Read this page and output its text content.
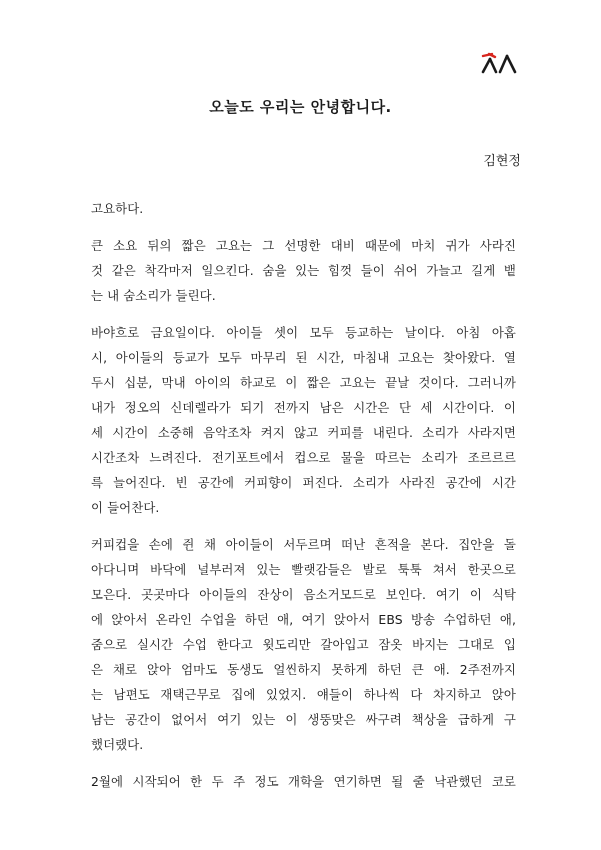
오늘도 우리는 안녕합니다.
김현정
고요하다.
큰 소요 뒤의 짧은 고요는 그 선명한 대비 때문에 마치 귀가 사라진
것 같은 착각마저 일으킨다. 숨을 있는 힘껏 들이 쉬어 가늘고 길게 뱉
는 내 숨소리가 들린다.
바야흐로 금요일이다. 아이들 셋이 모두 등교하는 날이다. 아침 아홉
시, 아이들의 등교가 모두 마무리 된 시간, 마침내 고요는 찾아왔다. 열
두시 십분, 막내 아이의 하교로 이 짧은 고요는 끝날 것이다. 그러니까
내가 정오의 신데렐라가 되기 전까지 남은 시간은 단 세 시간이다. 이
세 시간이 소중해 음악조차 켜지 않고 커피를 내린다. 소리가 사라지면
시간조차 느려진다. 전기포트에서 컵으로 물을 따르는 소리가 조르르르
륵 늘어진다. 빈 공간에 커피향이 퍼진다. 소리가 사라진 공간에 시간
이 들어찬다.
커피컵을 손에 쥔 채 아이들이 서두르며 떠난 흔적을 본다. 집안을 돌
아다니며 바닥에 널부러져 있는 빨랫감들은 발로 툭툭 쳐서 한곳으로
모은다. 곳곳마다 아이들의 잔상이 음소거모드로 보인다. 여기 이 식탁
에 앉아서 온라인 수업을 하던 애, 여기 앉아서 EBS 방송 수업하던 애,
줌으로 실시간 수업 한다고 윗도리만 갈아입고 잠옷 바지는 그대로 입
은 채로 앉아 엄마도 동생도 얼씬하지 못하게 하던 큰 애. 2주전까지
는 남편도 재택근무로 집에 있었지. 얘들이 하나씩 다 차지하고 앉아
남는 공간이 없어서 여기 있는 이 생뚱맞은 싸구려 책상을 급하게 구
했더랬다.
2월에 시작되어 한 두 주 정도 개학을 연기하면 될 줄 낙관했던 코로
